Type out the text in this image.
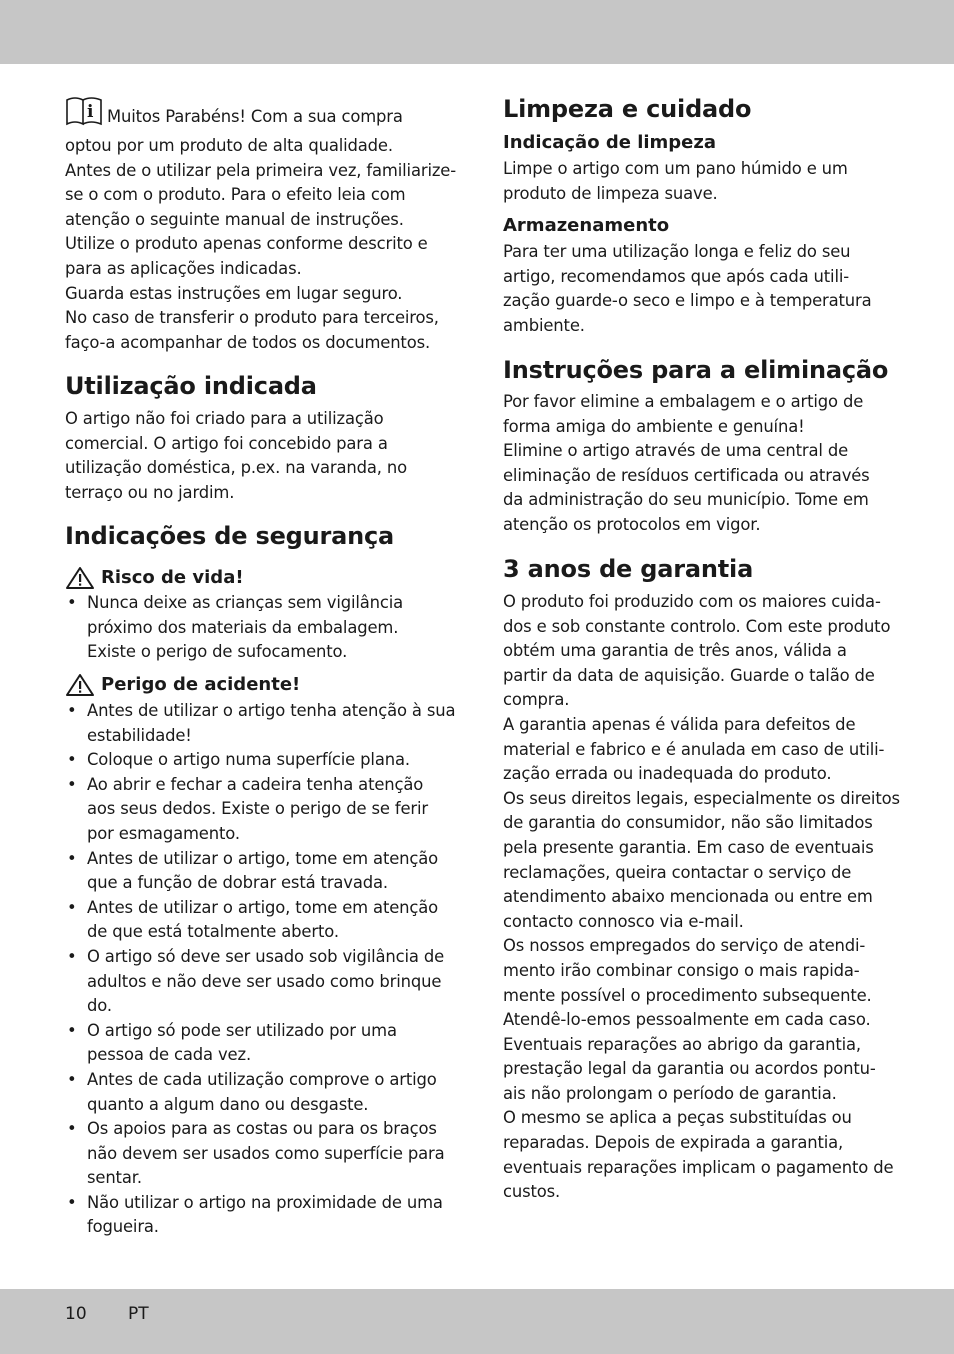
i Muitos Parabéns! Com a sua compra

optou por um produto de alta qualidade.

Antes de o utilizar pela primeira vez, familiarize-

se o com o produto. Para o efeito leia com

atenção o seguinte manual de instruções.

Utilize o produto apenas conforme descrito e

para as aplicações indicadas.

Guarda estas instruções em lugar seguro.

No caso de transferir o produto para terceiros,

faço-a acompanhar de todos os documentos.

Utilização indicada

O artigo não foi criado para a utilização

comercial. O artigo foi concebido para a

utilização doméstica, p.ex. na varanda, no

terraço ou no jardim.

Indicações de segurança
Risco de vida!
• Nunca deixe as crianças sem vigilância
próximo dos materiais da embalagem.
Existe o perigo de sufocamento.
Perigo de acidente!
• Antes de utilizar o artigo tenha atenção à sua
estabilidade!
• Coloque o artigo numa superfície plana.
• Ao abrir e fechar a cadeira tenha atenção
aos seus dedos. Existe o perigo de se ferir
por esmagamento.
• Antes de utilizar o artigo, tome em atenção
que a função de dobrar está travada.
• Antes de utilizar o artigo, tome em atenção
de que está totalmente aberto.
• O artigo só deve ser usado sob vigilância de
adultos e não deve ser usado como brinque
do.
• O artigo só pode ser utilizado por uma
pessoa de cada vez.
• Antes de cada utilização comprove o artigo
quanto a algum dano ou desgaste.
• Os apoios para as costas ou para os braços
não devem ser usados como superfície para
sentar.
• Não utilizar o artigo na proximidade de uma
fogueira.
Limpeza e cuidado
Indicação de limpeza

Limpe o artigo com um pano húmido e um

produto de limpeza suave.

Armazenamento

Para ter uma utilização longa e feliz do seu

artigo, recomendamos que após cada utili-

zação guarde-o seco e limpo e à temperatura

ambiente.

Instruções para a eliminação

Por favor elimine a embalagem e o artigo de

forma amiga do ambiente e genuína!

Elimine o artigo através de uma central de

eliminação de resíduos certificada ou através

da administração do seu município. Tome em

atenção os protocolos em vigor.

3 anos de garantia

O produto foi produzido com os maiores cuida-

dos e sob constante controlo. Com este produto

obtém uma garantia de três anos, válida a

partir da data de aquisição. Guarde o talão de

compra.

A garantia apenas é válida para defeitos de

material e fabrico e é anulada em caso de utili-

zação errada ou inadequada do produto.

Os seus direitos legais, especialmente os direitos

de garantia do consumidor, não são limitados

pela presente garantia. Em caso de eventuais

reclamações, queira contactar o serviço de

atendimento abaixo mencionada ou entre em

contacto connosco via e-mail.

Os nossos empregados do serviço de atendi-

mento irão combinar consigo o mais rapida-

mente possível o procedimento subsequente.

Atendê-lo-emos pessoalmente em cada caso.

Eventuais reparações ao abrigo da garantia,

prestação legal da garantia ou acordos pontu-

ais não prolongam o período de garantia.

O mesmo se aplica a peças substituídas ou

reparadas. Depois de expirada a garantia,

eventuais reparações implicam o pagamento de

custos.

10 PT
